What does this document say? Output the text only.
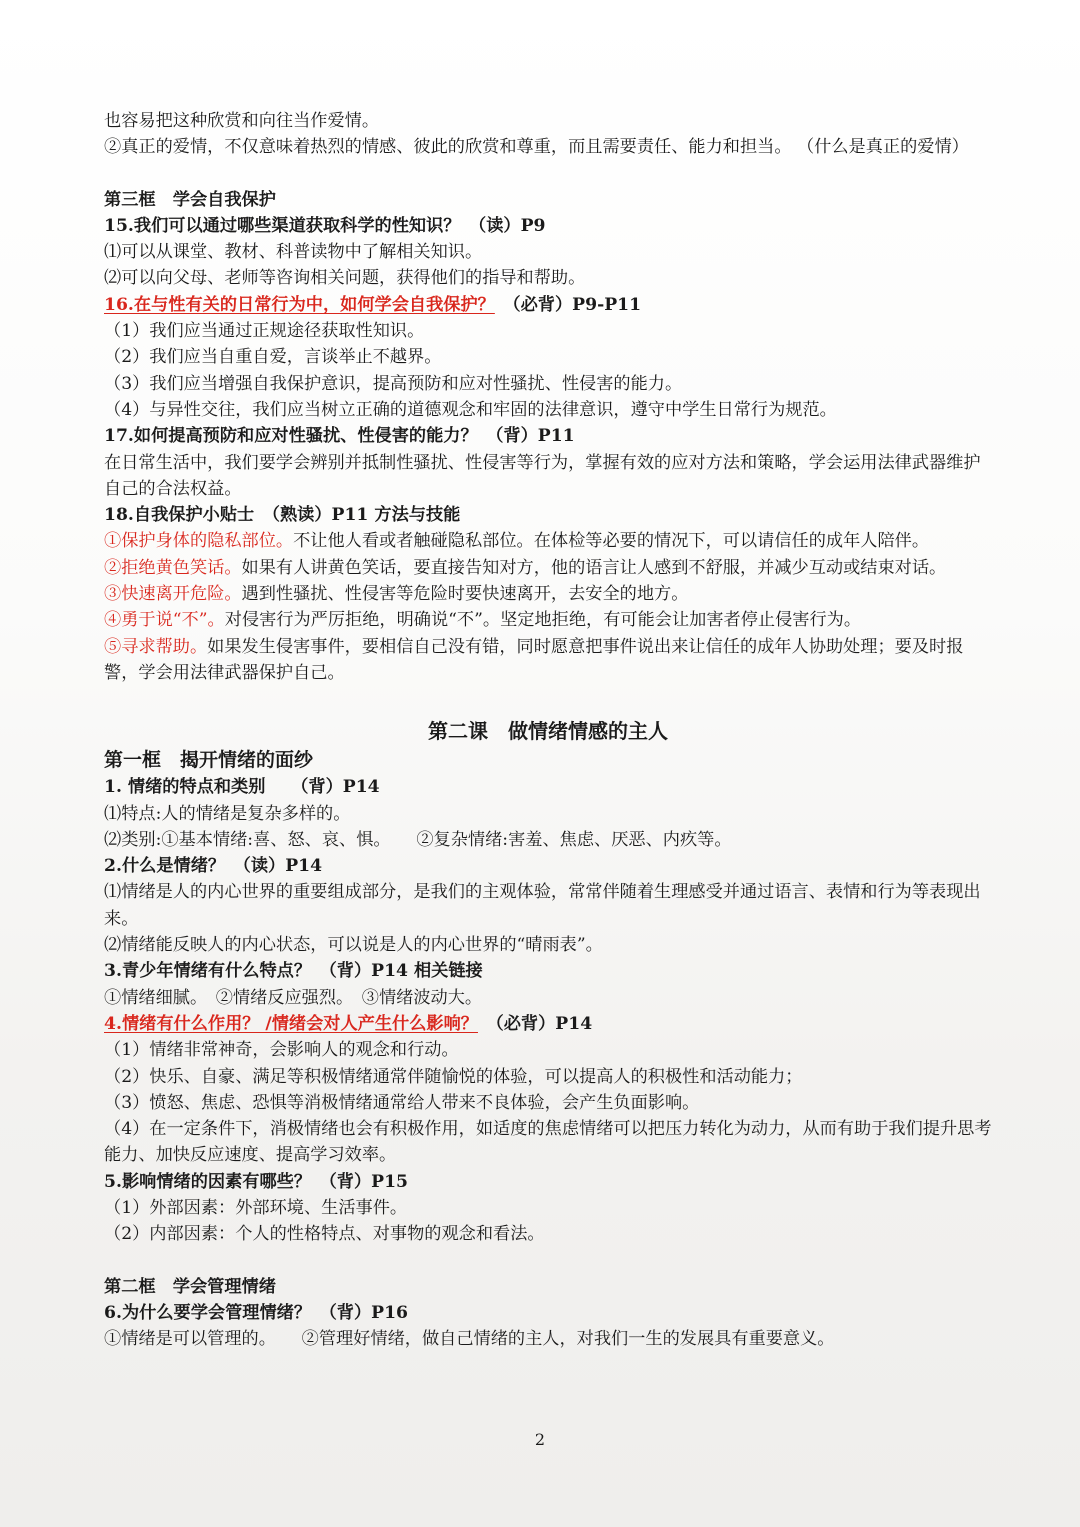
也容易把这种欣赏和向往当作爱情。
②真正的爱情，不仅意味着热烈的情感、彼此的欣赏和尊重，而且需要责任、能力和担当。 （什么是真正的爱情）
第三框　学会自我保护
15.我们可以通过哪些渠道获取科学的性知识？　（读）P9
⑴可以从课堂、教材、科普读物中了解相关知识。
⑵可以向父母、老师等咨询相关问题，获得他们的指导和帮助。
16.在与性有关的日常行为中，如何学会自我保护？　（必背）P9-P11
（1）我们应当通过正规途径获取性知识。
（2）我们应当自重自爱，言谈举止不越界。
（3）我们应当增强自我保护意识，提高预防和应对性骚扰、性侵害的能力。
（4）与异性交往，我们应当树立正确的道德观念和牢固的法律意识，遵守中学生日常行为规范。
17.如何提高预防和应对性骚扰、性侵害的能力？　（背）P11
在日常生活中，我们要学会辨别并抵制性骚扰、性侵害等行为，掌握有效的应对方法和策略，学会运用法律武器维护自己的合法权益。
18.自我保护小贴士　（熟读）P11 方法与技能
①保护身体的隐私部位。不让他人看或者触碰隐私部位。在体检等必要的情况下，可以请信任的成年人陪伴。
②拒绝黄色笑话。如果有人讲黄色笑话，要直接告知对方，他的语言让人感到不舒服，并减少互动或结束对话。
③快速离开危险。遇到性骚扰、性侵害等危险时要快速离开，去安全的地方。
④勇于说“不”。对侵害行为严厉拒绝，明确说“不”。坚定地拒绝，有可能会让加害者停止侵害行为。
⑤寻求帮助。如果发生侵害事件，要相信自己没有错，同时愿意把事件说出来让信任的成年人协助处理；要及时报警，学会用法律武器保护自己。
第二课　做情绪情感的主人
第一框　揭开情绪的面纱
1. 情绪的特点和类别　　（背）P14
⑴特点:人的情绪是复杂多样的。
⑵类别:①基本情绪:喜、怒、哀、惧。　　②复杂情绪:害羞、焦虑、厌恶、内疚等。
2.什么是情绪？　（读）P14
⑴情绪是人的内心世界的重要组成部分，是我们的主观体验，常常伴随着生理感受并通过语言、表情和行为等表现出来。
⑵情绪能反映人的内心状态，可以说是人的内心世界的“晴雨表”。
3.青少年情绪有什么特点？　（背）P14 相关链接
①情绪细腻。　②情绪反应强烈。　③情绪波动大。
4.情绪有什么作用？ /情绪会对人产生什么影响？　（必背）P14
（1）情绪非常神奇，会影响人的观念和行动。
（2）快乐、自豪、满足等积极情绪通常伴随愉悦的体验，可以提高人的积极性和活动能力；
（3）愤怒、焦虑、恐惧等消极情绪通常给人带来不良体验，会产生负面影响。
（4）在一定条件下，消极情绪也会有积极作用，如适度的焦虑情绪可以把压力转化为动力，从而有助于我们提升思考能力、加快反应速度、提高学习效率。
5.影响情绪的因素有哪些？　（背）P15
（1）外部因素：外部环境、生活事件。
（2）内部因素：个人的性格特点、对事物的观念和看法。
第二框　学会管理情绪
6.为什么要学会管理情绪？　（背）P16
①情绪是可以管理的。　　②管理好情绪，做自己情绪的主人，对我们一生的发展具有重要意义。
2
